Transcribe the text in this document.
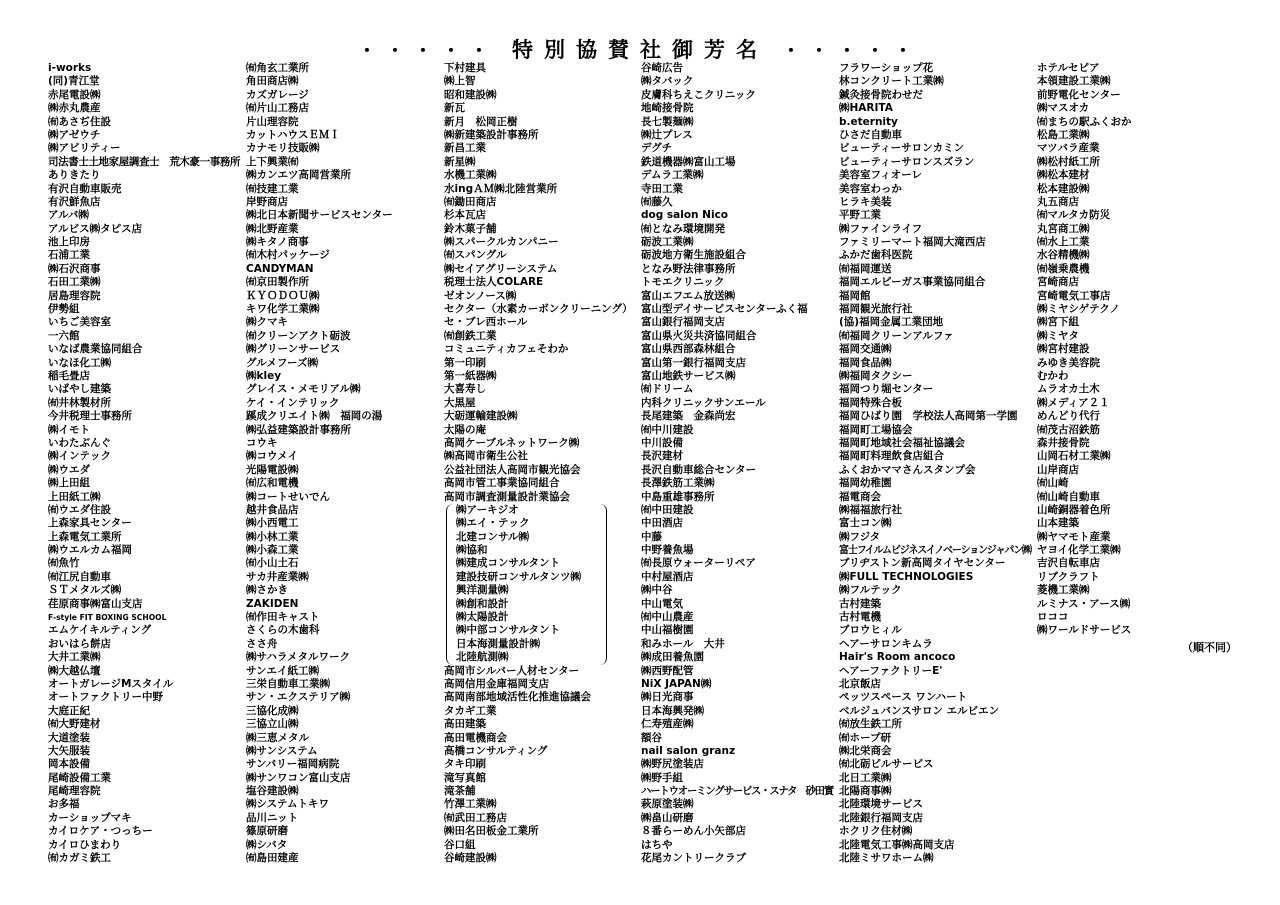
・・・・・ 特別協賛社御芳名 ・・・・・
i-works
(同)青江堂
赤尾電設㈱
㈱赤丸農産
㈲あさぢ住設
㈱アゼウチ
㈱アビリティー
司法書士土地家屋調査士　荒木豪一事務所
ありきたり
有沢自動車販売
有沢鮮魚店
アルバ㈱
アルビス㈱タピス店
池上印房
石浦工業
㈱石沢商事
石田工業㈱
居島理容院
伊勢組
いちご美容室
一六館
いなば農業協同組合
いなほ化工㈱
稲毛畳店
いばやし建築
㈲井林製材所
今井税理士事務所
㈱イモト
いわたぶんぐ
㈱インテック
㈱ウエダ
㈱上田組
上田紙工㈱
㈲ウエダ住設
上森家具センター
上森電気工業所
㈱ウエルカム福岡
㈲魚竹
㈲江尻自動車
ＳＴメタルズ㈱
荏原商事㈱富山支店
F-style FIT BOXING SCHOOL
エムケイキルティング
おいはら餅店
大井工業㈱
㈱大越仏壇
オートガレージMスタイル
オートファクトリー中野
大庭正紀
㈲大野建材
大道塗装
大矢服装
岡本設備
尾崎設備工業
尾崎理容院
お多福
カーショップマキ
カイロケア・つっちー
カイロひまわり
㈲カガミ鉄工
㈲角玄工業所
角田商店㈱
カズガレージ
㈲片山工務店
片山理容院
カットハウスＥＭＩ
カナモリ技販㈱
上下興業㈲
㈱カンエツ高岡営業所
㈲技建工業
岸野商店
㈱北日本新聞サービスセンター
㈱北野産業
㈱キタノ商事
㈲木村パッケージ
CANDYMAN
㈲京田製作所
ＫＹＯＤＯＵ㈱
キワ化学工業㈱
㈱クマキ
㈲クリーンアクト砺波
㈱グリーンサービス
グルメフーズ㈱
㈱kley
グレイス・メモリアル㈱
ケイ・インテリック
蹊成クリエイト㈱　福岡の湯
㈱弘益建築設計事務所
コウキ
㈱コウメイ
光陽電設㈱
㈲広和電機
㈱コートせいでん
越井食品店
㈱小西電工
㈱小林工業
㈱小森工業
㈲小山土石
サカ井産業㈱
㈱さかき
ZAKIDEN
㈲作田キャスト
さくらの木歯科
ささ舟
㈱サハラメタルワーク
サンエイ紙工㈱
三栄自動車工業㈱
サン・エクステリア㈱
三協化成㈱
三協立山㈱
㈱三恵メタル
㈱サンシステム
サンバリー福岡病院
㈱サンワコン富山支店
塩谷建設㈱
㈱システムトキワ
品川ニット
篠原研磨
㈱シバタ
㈲島田建産
下村建具
㈱上智
昭和建設㈱
新瓦
新月　松岡正樹
㈱新建築設計事務所
新昌工業
新星㈱
水機工業㈱
水ingＡＭ㈱北陸営業所
㈲鋤田商店
杉本瓦店
鈴木菓子舗
㈱スパークルカンパニー
㈲スパングル
㈱セイアグリーシステム
税理士法人COLARE
ゼオンノース㈱
セクター（水素カーボンクリーニング）
セ・ブレ西ホール
㈲創鉄工業
コミュニティカフェそわか
第一印刷
第一紙器㈱
大喜寿し
大黒屋
大砺運輸建設㈱
太陽の庵
高岡ケーブルネットワーク㈱
㈱高岡市衛生公社
公益社団法人高岡市観光協会
高岡市管工事業協同組合
高岡市調査測量設計業協会
㈱アーキジオ
㈱エイ・テック
北建コンサル㈱
㈱協和
㈱建成コンサルタント
建設技研コンサルタンツ㈱
興洋測量㈱
㈱創和設計
㈱太陽設計
㈱中部コンサルタント
日本海測量設計㈱
北陸航測㈱
高岡市シルバー人材センター
高岡信用金庫福岡支店
高岡南部地域活性化推進協議会
タカギ工業
高田建築
高田電機商会
高橋コンサルティング
タキ印刷
滝写真館
滝茶舗
竹澤工業㈱
㈲武田工務店
㈱田名田板金工業所
谷口組
谷崎建設㈱
谷崎広告
㈱タバック
皮膚科ちえこクリニック
地崎接骨院
長七製麺㈱
㈱辻プレス
デグチ
鉄道機器㈱富山工場
デムラ工業㈱
寺田工業
㈲藤久
dog salon Nico
㈲となみ環境開発
砺波工業㈱
砺波地方衛生施設組合
となみ野法律事務所
トモエクリニック
富山エフエム放送㈱
富山型デイサービスセンターふく福
富山銀行福岡支店
富山県火災共済協同組合
富山県西部森林組合
富山第一銀行福岡支店
富山地鉄サービス㈱
㈲ドリーム
内科クリニックサンエール
長尾建築　金森尚宏
㈲中川建設
中川設備
長沢建材
長沢自動車総合センター
長澤鉄筋工業㈱
中島重雄事務所
㈲中田建設
中田酒店
中藤
中野養魚場
㈲長原ウォーターリペア
中村屋酒店
㈱中谷
中山電気
㈲中山農産
中山福樹園
和みホール　大井
㈱成田養魚園
㈱西野配管
NiX JAPAN㈱
㈱日光商事
日本海興発㈱
仁寿殖産㈱
額谷
nail salon granz
㈱野尻塗装店
㈱野手組
ハートウオーミングサービス・スナタ　砂田實
萩原塗装㈱
㈱畠山研磨
８番らーめん小矢部店
はちや
花尾カントリークラブ
フラワーショップ花
林コンクリート工業㈱
鍼灸接骨院わせだ
㈱HARITA
b.eternity
ひさだ自動車
ビューティーサロンカミン
ビューティーサロンスズラン
美容室フィオーレ
美容室わっか
ヒラキ美装
平野工業
㈱ファインライフ
ファミリーマート福岡大滝西店
ふかだ歯科医院
㈲福岡運送
福岡エルピーガス事業協同組合
福岡館
福岡観光旅行社
(協)福岡金属工業団地
㈲福岡クリーンアルファ
福岡交通㈱
福岡食品㈱
㈱福岡タクシー
福岡つり堀センター
福岡特殊合板
福岡ひばり園　学校法人高岡第一学園
福岡町工場協会
福岡町地域社会福祉協議会
福岡町料理飲食店組合
ふくおかママさんスタンプ会
福岡幼稚園
福電商会
㈱福福旅行社
富士コン㈱
㈱フジタ
富士フイルムビジネスイノベーションジャパン㈱
ブリヂストン新高岡タイヤセンター
㈱FULL TECHNOLOGIES
㈱フルテック
古村建築
古村電機
ブロウヒィル
ヘアーサロンキムラ
Hair's Room ancoco
ヘアーファクトリーE'
北京飯店
ペッツスペース ワンハート
ベルジュバンスサロン エルビエン
㈲放生鉄工所
㈲ホープ研
㈱北栄商会
㈲北砺ビルサービス
北日工業㈱
北陽商事㈱
北陸環境サービス
北陸銀行福岡支店
ホクリク住材㈱
北陸電気工事㈱高岡支店
北陸ミサワホーム㈱
ホテルセピア
本領建設工業㈱
前野電化センター
㈱マスオカ
㈲まちの駅ふくおか
松島工業㈱
マツバラ産業
㈱松村紙工所
㈱松本建材
松本建設㈱
丸五商店
㈲マルタカ防災
丸宮商工㈱
㈲水上工業
水谷精機㈱
㈲嶺乗農機
宮崎商店
宮崎電気工事店
㈱ミヤシゲテクノ
㈱宮下組
㈱ミヤタ
㈱宮村建設
みゆき美容院
むかわ
ムラオカ土木
㈱メディア２１
めんどり代行
㈲茂古沼鉄筋
森井接骨院
山岡石材工業㈱
山岸商店
㈲山崎
㈲山崎自動車
山崎銅器着色所
山本建築
㈱ヤマモト産業
ヤヨイ化学工業㈱
吉沢自転車店
リブクラフト
菱機工業㈱
ルミナス・アース㈱
ロココ
㈱ワールドサービス
（順不同）
